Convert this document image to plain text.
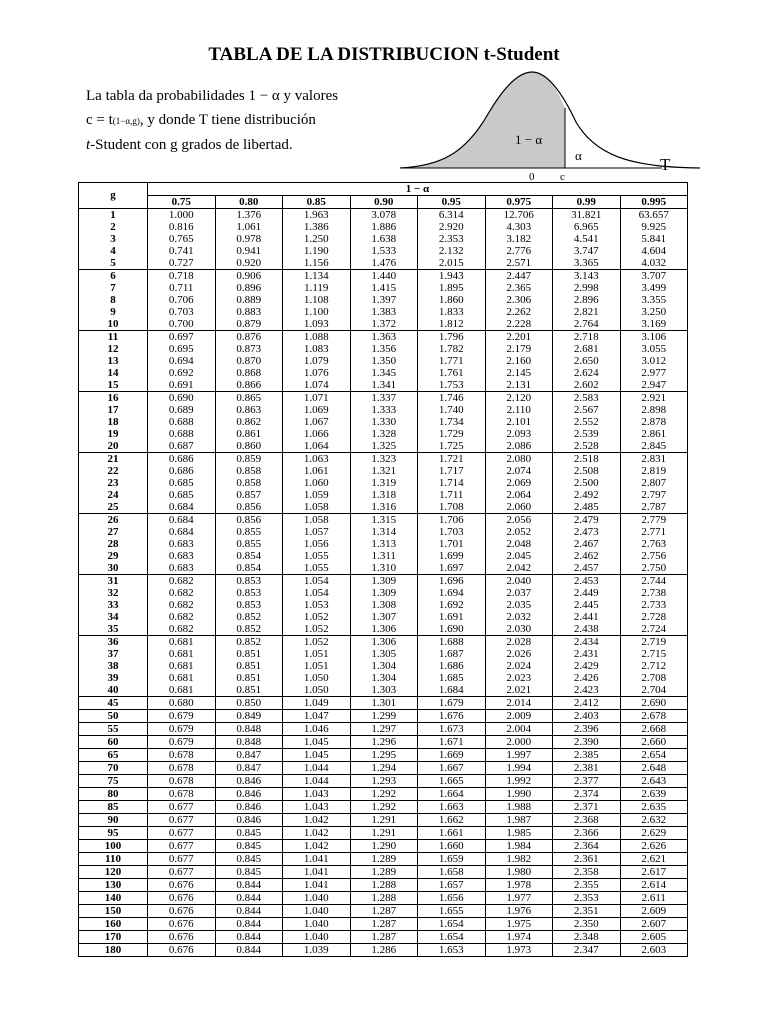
TABLA DE LA DISTRIBUCION t-Student
La tabla da probabilidades 1 − α y valores
c = t(1−α,g), y donde T tiene distribución
t-Student con g grados de libertad.	1 − α
α	T
0 c
g	1 − α							
	0.75	0.80	0.85	0.90	0.95	0.975	0.99	0.995
1	1.000	1.376	1.963	3.078	6.314	12.706	31.821	63.657
2	0.816	1.061	1.386	1.886	2.920	4.303	6.965	9.925
3	0.765	0.978	1.250	1.638	2.353	3.182	4.541	5.841
4	0.741	0.941	1.190	1.533	2.132	2.776	3.747	4.604
5	0.727	0.920	1.156	1.476	2.015	2.571	3.365	4.032
6	0.718	0.906	1.134	1.440	1.943	2.447	3.143	3.707
7	0.711	0.896	1.119	1.415	1.895	2.365	2.998	3.499
8	0.706	0.889	1.108	1.397	1.860	2.306	2.896	3.355
9	0.703	0.883	1.100	1.383	1.833	2.262	2.821	3.250
10	0.700	0.879	1.093	1.372	1.812	2.228	2.764	3.169
11	0.697	0.876	1.088	1.363	1.796	2.201	2.718	3.106
12	0.695	0.873	1.083	1.356	1.782	2.179	2.681	3.055
13	0.694	0.870	1.079	1.350	1.771	2.160	2.650	3.012
14	0.692	0.868	1.076	1.345	1.761	2.145	2.624	2.977
15	0.691	0.866	1.074	1.341	1.753	2.131	2.602	2.947
16	0.690	0.865	1.071	1.337	1.746	2.120	2.583	2.921
17	0.689	0.863	1.069	1.333	1.740	2.110	2.567	2.898
18	0.688	0.862	1.067	1.330	1.734	2.101	2.552	2.878
19	0.688	0.861	1.066	1.328	1.729	2.093	2.539	2.861
20	0.687	0.860	1.064	1.325	1.725	2.086	2.528	2.845
21	0.686	0.859	1.063	1.323	1.721	2.080	2.518	2.831
22	0.686	0.858	1.061	1.321	1.717	2.074	2.508	2.819
23	0.685	0.858	1.060	1.319	1.714	2.069	2.500	2.807
24	0.685	0.857	1.059	1.318	1.711	2.064	2.492	2.797
25	0.684	0.856	1.058	1.316	1.708	2.060	2.485	2.787
26	0.684	0.856	1.058	1.315	1.706	2.056	2.479	2.779
27	0.684	0.855	1.057	1.314	1.703	2.052	2.473	2.771
28	0.683	0.855	1.056	1.313	1.701	2.048	2.467	2.763
29	0.683	0.854	1.055	1.311	1.699	2.045	2.462	2.756
30	0.683	0.854	1.055	1.310	1.697	2.042	2.457	2.750
31	0.682	0.853	1.054	1.309	1.696	2.040	2.453	2.744
32	0.682	0.853	1.054	1.309	1.694	2.037	2.449	2.738
33	0.682	0.853	1.053	1.308	1.692	2.035	2.445	2.733
34	0.682	0.852	1.052	1.307	1.691	2.032	2.441	2.728
35	0.682	0.852	1.052	1.306	1.690	2.030	2.438	2.724
36	0.681	0.852	1.052	1.306	1.688	2.028	2.434	2.719
37	0.681	0.851	1.051	1.305	1.687	2.026	2.431	2.715
38	0.681	0.851	1.051	1.304	1.686	2.024	2.429	2.712
39	0.681	0.851	1.050	1.304	1.685	2.023	2.426	2.708
40	0.681	0.851	1.050	1.303	1.684	2.021	2.423	2.704
45	0.680	0.850	1.049	1.301	1.679	2.014	2.412	2.690
50	0.679	0.849	1.047	1.299	1.676	2.009	2.403	2.678
55	0.679	0.848	1.046	1.297	1.673	2.004	2.396	2.668
60	0.679	0.848	1.045	1.296	1.671	2.000	2.390	2.660
65	0.678	0.847	1.045	1.295	1.669	1.997	2.385	2.654
70	0.678	0.847	1.044	1.294	1.667	1.994	2.381	2.648
75	0.678	0.846	1.044	1.293	1.665	1.992	2.377	2.643
80	0.678	0.846	1.043	1.292	1.664	1.990	2.374	2.639
85	0.677	0.846	1.043	1.292	1.663	1.988	2.371	2.635
90	0.677	0.846	1.042	1.291	1.662	1.987	2.368	2.632
95	0.677	0.845	1.042	1.291	1.661	1.985	2.366	2.629
100	0.677	0.845	1.042	1.290	1.660	1.984	2.364	2.626
110	0.677	0.845	1.041	1.289	1.659	1.982	2.361	2.621
120	0.677	0.845	1.041	1.289	1.658	1.980	2.358	2.617
130	0.676	0.844	1.041	1.288	1.657	1.978	2.355	2.614
140	0.676	0.844	1.040	1.288	1.656	1.977	2.353	2.611
150	0.676	0.844	1.040	1.287	1.655	1.976	2.351	2.609
160	0.676	0.844	1.040	1.287	1.654	1.975	2.350	2.607
170	0.676	0.844	1.040	1.287	1.654	1.974	2.348	2.605
180	0.676	0.844	1.039	1.286	1.653	1.973	2.347	2.603
